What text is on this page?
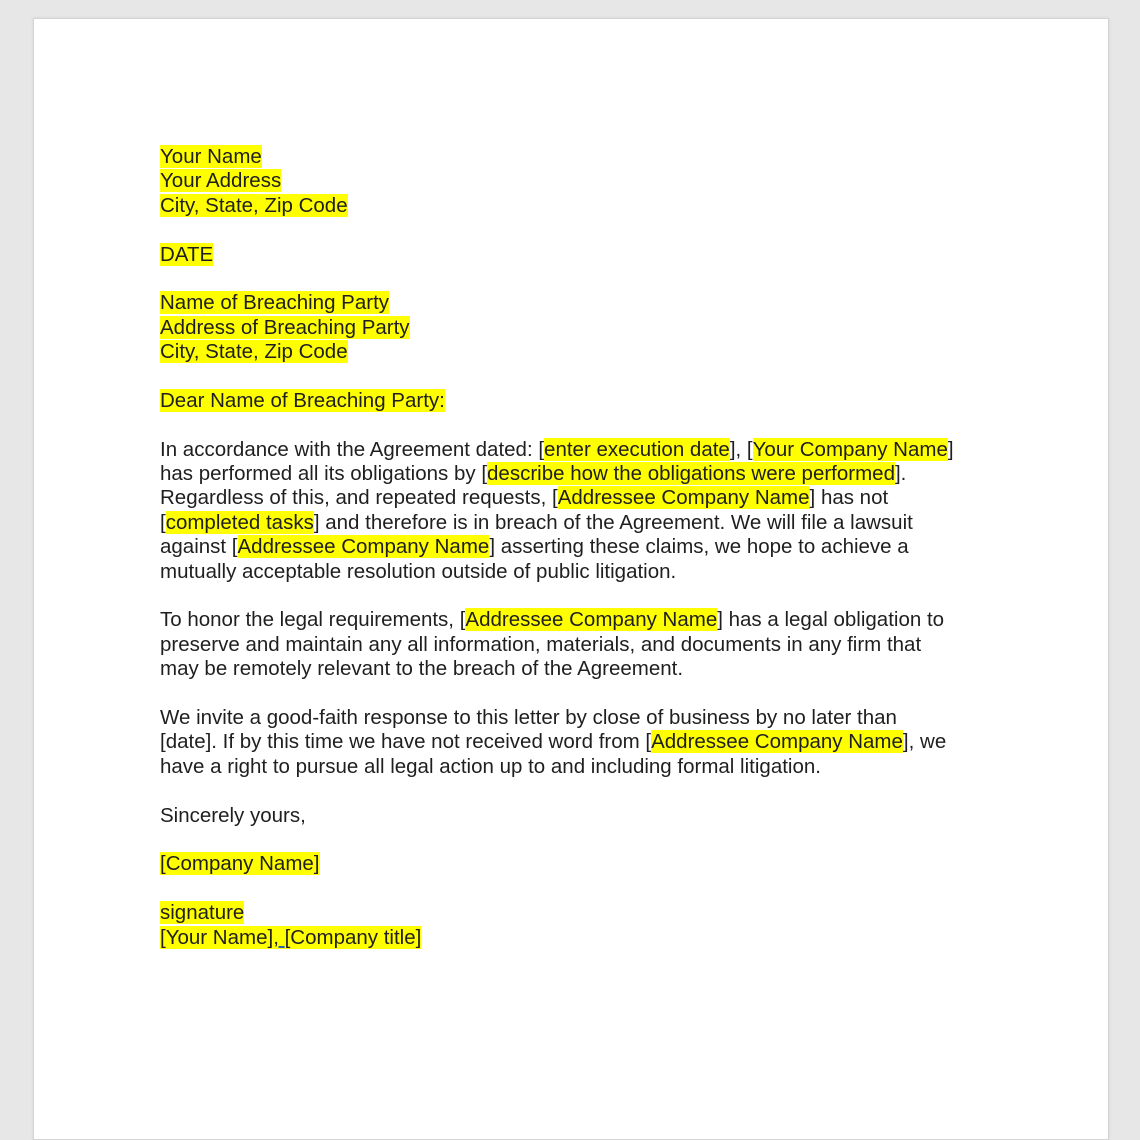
Your Name
Your Address
City, State, Zip Code
DATE
Name of Breaching Party
Address of Breaching Party
City, State, Zip Code
Dear Name of Breaching Party:
In accordance with the Agreement dated: [enter execution date], [Your Company Name]
has performed all its obligations by [describe how the obligations were performed].
Regardless of this, and repeated requests, [Addressee Company Name] has not
[completed tasks] and therefore is in breach of the Agreement. We will file a lawsuit
against [Addressee Company Name] asserting these claims, we hope to achieve a
mutually acceptable resolution outside of public litigation.
To honor the legal requirements, [Addressee Company Name] has a legal obligation to
preserve and maintain any all information, materials, and documents in any firm that
may be remotely relevant to the breach of the Agreement.
We invite a good-faith response to this letter by close of business by no later than
[date]. If by this time we have not received word from [Addressee Company Name], we
have a right to pursue all legal action up to and including formal litigation.
Sincerely yours,
[Company Name]
signature
[Your Name], [Company title]
